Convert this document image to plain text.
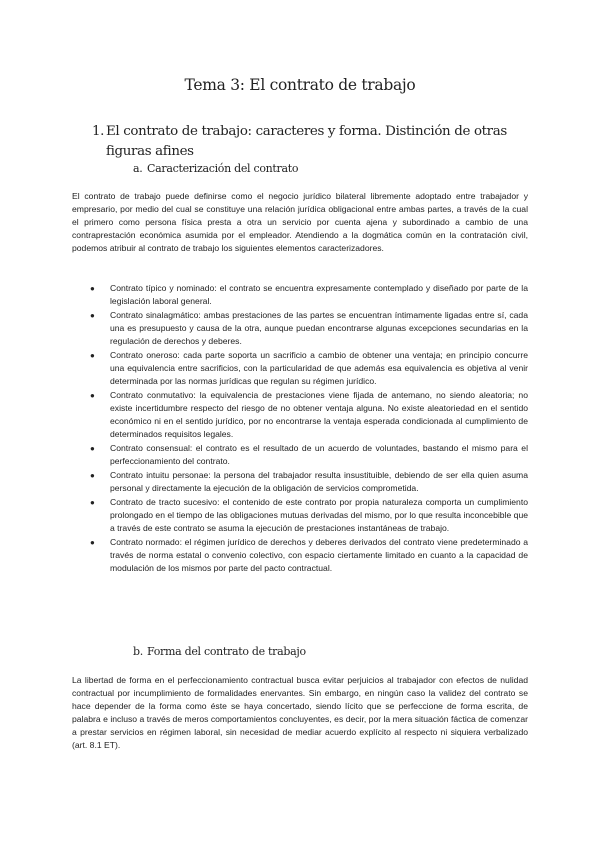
Tema 3: El contrato de trabajo
1. El contrato de trabajo: caracteres y forma. Distinción de otras figuras afines
a. Caracterización del contrato
El contrato de trabajo puede definirse como el negocio jurídico bilateral libremente adoptado entre trabajador y empresario, por medio del cual se constituye una relación jurídica obligacional entre ambas partes, a través de la cual el primero como persona física presta a otra un servicio por cuenta ajena y subordinado a cambio de una contraprestación económica asumida por el empleador. Atendiendo a la dogmática común en la contratación civil, podemos atribuir al contrato de trabajo los siguientes elementos caracterizadores.
● Contrato típico y nominado: el contrato se encuentra expresamente contemplado y diseñado por parte de la legislación laboral general.
● Contrato sinalagmático: ambas prestaciones de las partes se encuentran íntimamente ligadas entre sí, cada una es presupuesto y causa de la otra, aunque puedan encontrarse algunas excepciones secundarias en la regulación de derechos y deberes.
● Contrato oneroso: cada parte soporta un sacrificio a cambio de obtener una ventaja; en principio concurre una equivalencia entre sacrificios, con la particularidad de que además esa equivalencia es objetiva al venir determinada por las normas jurídicas que regulan su régimen jurídico.
● Contrato conmutativo: la equivalencia de prestaciones viene fijada de antemano, no siendo aleatoria; no existe incertidumbre respecto del riesgo de no obtener ventaja alguna. No existe aleatoriedad en el sentido económico ni en el sentido jurídico, por no encontrarse la ventaja esperada condicionada al cumplimiento de determinados requisitos legales.
● Contrato consensual: el contrato es el resultado de un acuerdo de voluntades, bastando el mismo para el perfeccionamiento del contrato.
● Contrato intuitu personae: la persona del trabajador resulta insustituible, debiendo de ser ella quien asuma personal y directamente la ejecución de la obligación de servicios comprometida.
● Contrato de tracto sucesivo: el contenido de este contrato por propia naturaleza comporta un cumplimiento prolongado en el tiempo de las obligaciones mutuas derivadas del mismo, por lo que resulta inconcebible que a través de este contrato se asuma la ejecución de prestaciones instantáneas de trabajo.
● Contrato normado: el régimen jurídico de derechos y deberes derivados del contrato viene predeterminado a través de norma estatal o convenio colectivo, con espacio ciertamente limitado en cuanto a la capacidad de modulación de los mismos por parte del pacto contractual.
b. Forma del contrato de trabajo
La libertad de forma en el perfeccionamiento contractual busca evitar perjuicios al trabajador con efectos de nulidad contractual por incumplimiento de formalidades enervantes. Sin embargo, en ningún caso la validez del contrato se hace depender de la forma como éste se haya concertado, siendo lícito que se perfeccione de forma escrita, de palabra e incluso a través de meros comportamientos concluyentes, es decir, por la mera situación fáctica de comenzar a prestar servicios en régimen laboral, sin necesidad de mediar acuerdo explícito al respecto ni siquiera verbalizado (art. 8.1 ET).
